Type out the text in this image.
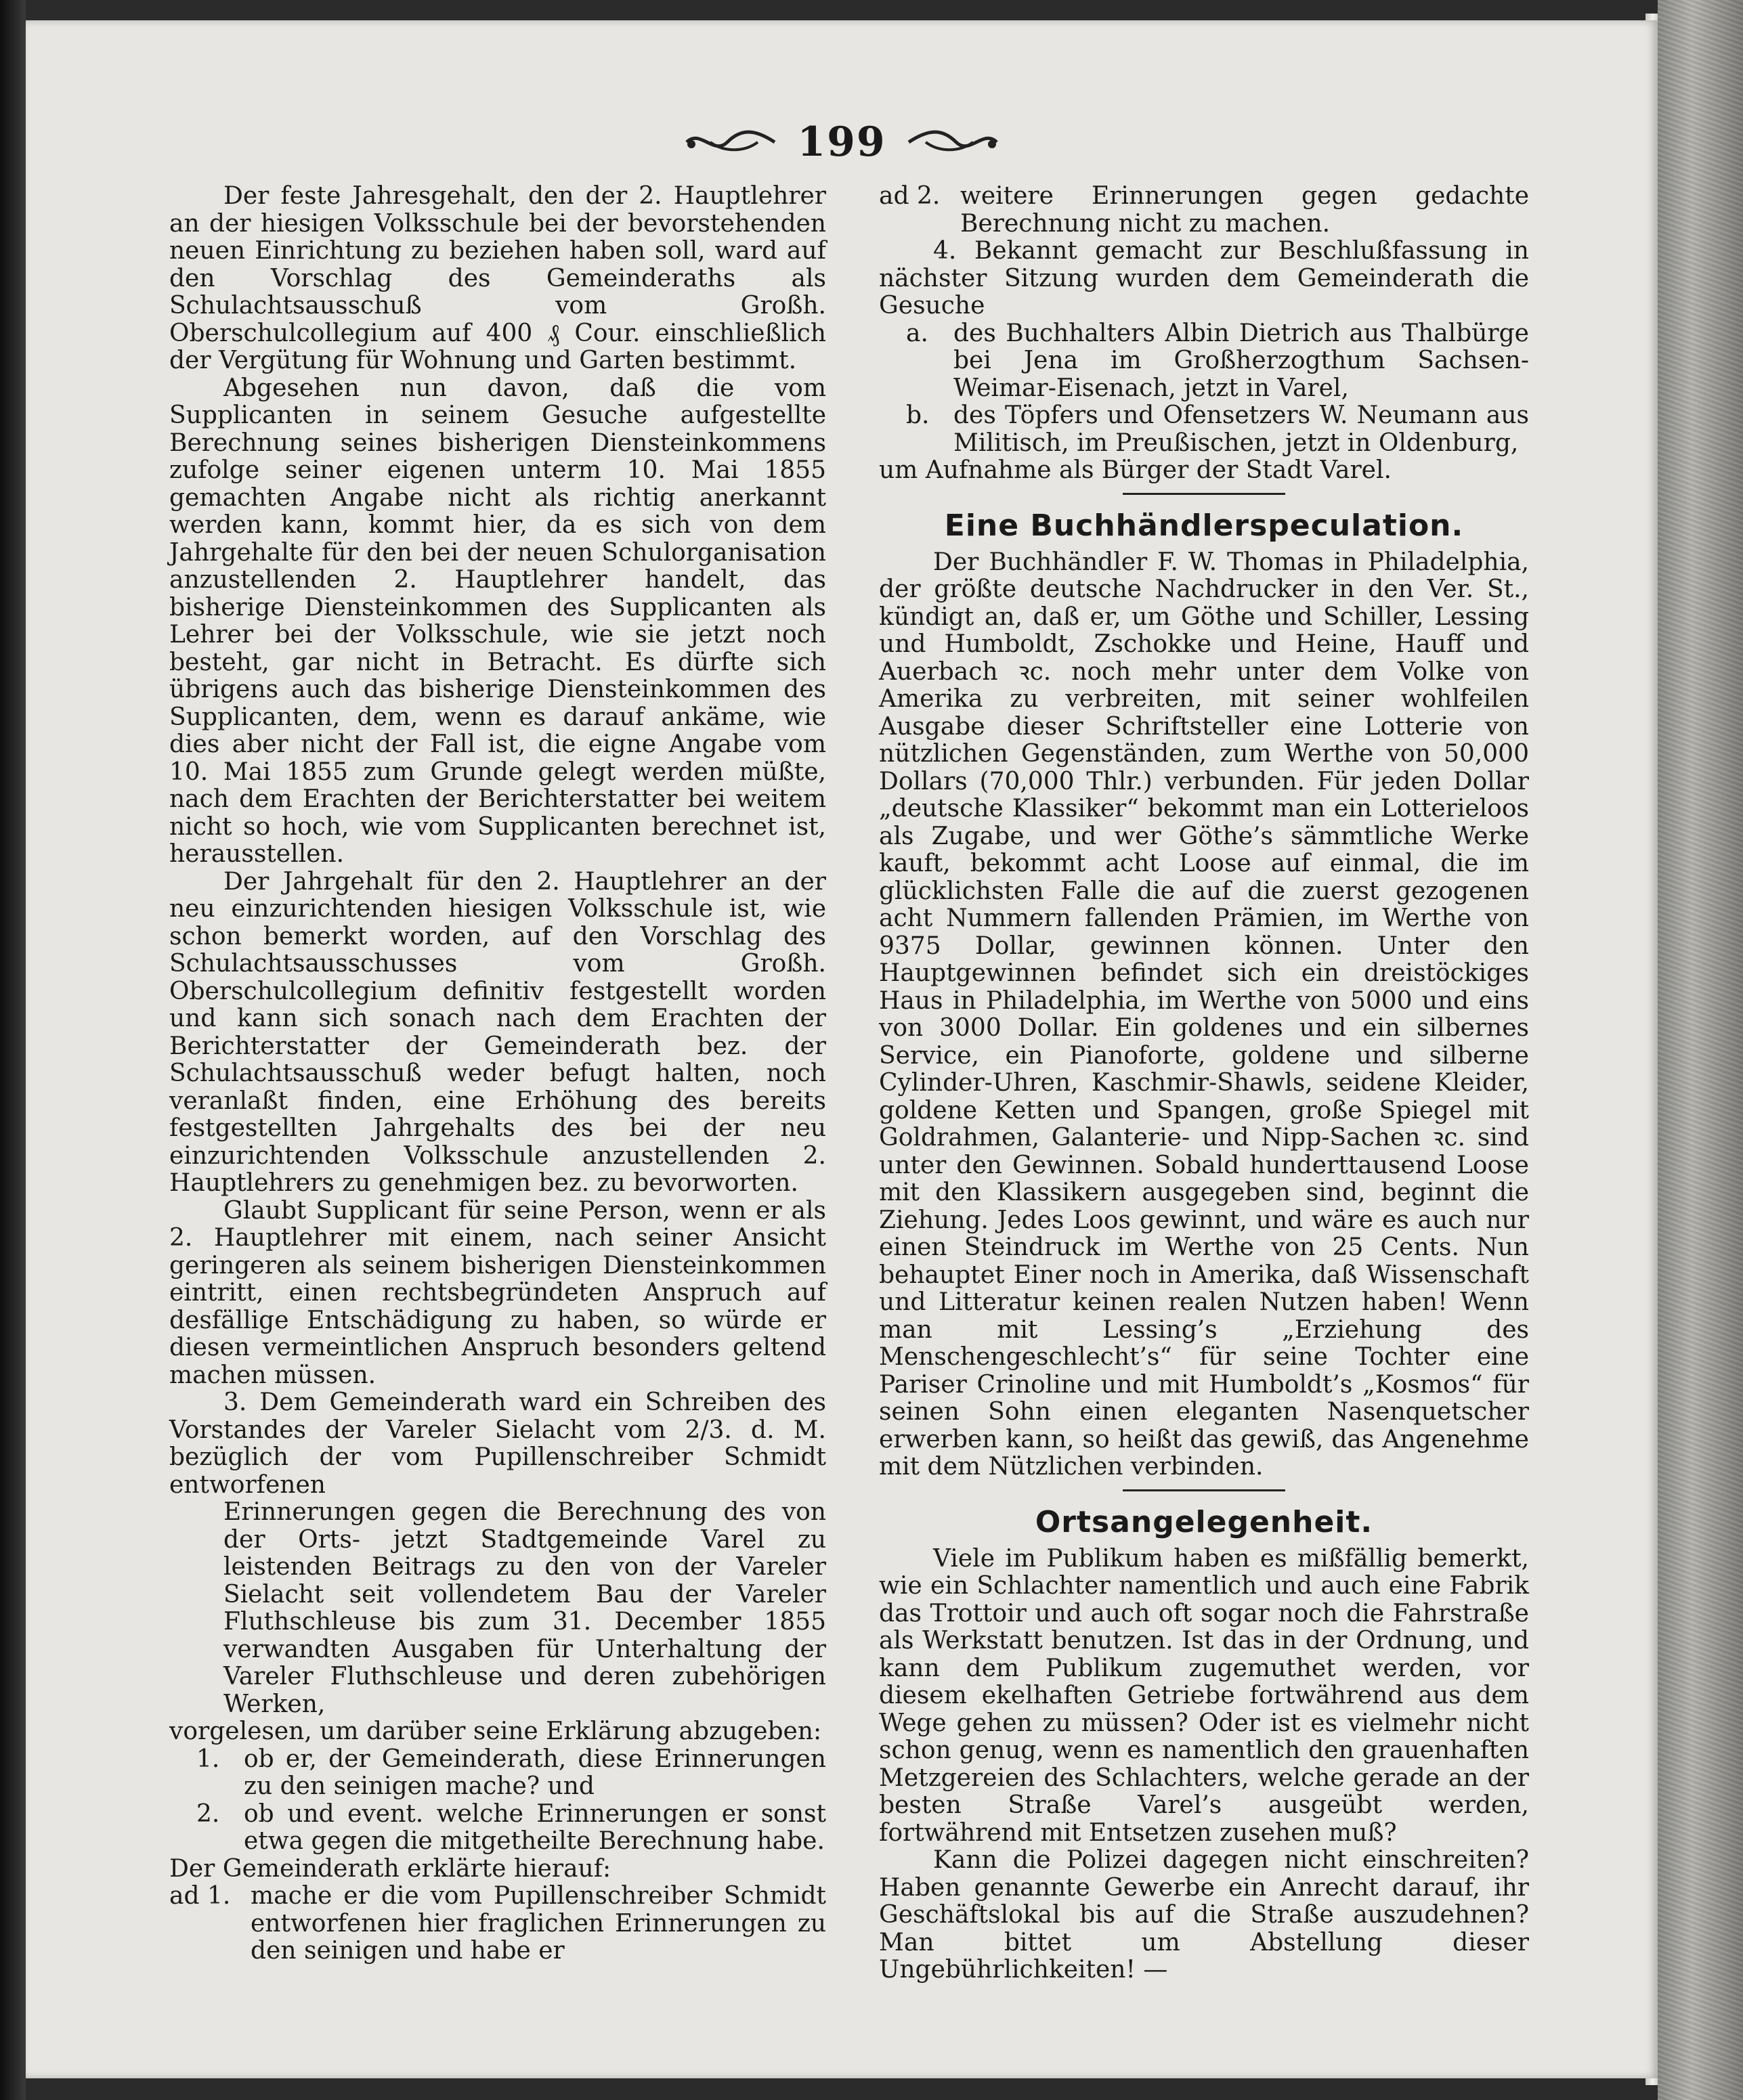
199

Der feste Jahresgehalt, den der 2. Hauptlehrer an der hiesigen Volksschule bei der bevorstehenden neuen Einrichtung zu beziehen haben soll, ward auf den Vorschlag des Gemeinderaths als Schulachtsausschuß vom Großh. Oberschulcollegium auf 400 ₰ Cour. einschließlich der Vergütung für Wohnung und Garten bestimmt.

Abgesehen nun davon, daß die vom Supplicanten in seinem Gesuche aufgestellte Berechnung seines bisherigen Diensteinkommens zufolge seiner eigenen unterm 10. Mai 1855 gemachten Angabe nicht als richtig anerkannt werden kann, kommt hier, da es sich von dem Jahrgehalte für den bei der neuen Schulorganisation anzustellenden 2. Hauptlehrer handelt, das bisherige Diensteinkommen des Supplicanten als Lehrer bei der Volksschule, wie sie jetzt noch besteht, gar nicht in Betracht. Es dürfte sich übrigens auch das bisherige Diensteinkommen des Supplicanten, dem, wenn es darauf ankäme, wie dies aber nicht der Fall ist, die eigne Angabe vom 10. Mai 1855 zum Grunde gelegt werden müßte, nach dem Erachten der Berichterstatter bei weitem nicht so hoch, wie vom Supplicanten berechnet ist, herausstellen.

Der Jahrgehalt für den 2. Hauptlehrer an der neu einzurichtenden hiesigen Volksschule ist, wie schon bemerkt worden, auf den Vorschlag des Schulachtsausschusses vom Großh. Oberschulcollegium definitiv festgestellt worden und kann sich sonach nach dem Erachten der Berichterstatter der Gemeinderath bez. der Schulachtsausschuß weder befugt halten, noch veranlaßt finden, eine Erhöhung des bereits festgestellten Jahrgehalts des bei der neu einzurichtenden Volksschule anzustellenden 2. Hauptlehrers zu genehmigen bez. zu bevorworten.

Glaubt Supplicant für seine Person, wenn er als 2. Hauptlehrer mit einem, nach seiner Ansicht geringeren als seinem bisherigen Diensteinkommen eintritt, einen rechtsbegründeten Anspruch auf desfällige Entschädigung zu haben, so würde er diesen vermeintlichen Anspruch besonders geltend machen müssen.

3. Dem Gemeinderath ward ein Schreiben des Vorstandes der Vareler Sielacht vom 2/3. d. M. bezüglich der vom Pupillenschreiber Schmidt entworfenen

Erinnerungen gegen die Berechnung des von der Orts- jetzt Stadtgemeinde Varel zu leistenden Beitrags zu den von der Vareler Sielacht seit vollendetem Bau der Vareler Fluthschleuse bis zum 31. December 1855 verwandten Ausgaben für Unterhaltung der Vareler Fluthschleuse und deren zubehörigen Werken,

vorgelesen, um darüber seine Erklärung abzugeben:

1. ob er, der Gemeinderath, diese Erinnerungen zu den seinigen mache? und
2. ob und event. welche Erinnerungen er sonst etwa gegen die mitgetheilte Berechnung habe.

Der Gemeinderath erklärte hierauf:

ad 1. mache er die vom Pupillenschreiber Schmidt entworfenen hier fraglichen Erinnerungen zu den seinigen und habe er
ad 2. weitere Erinnerungen gegen gedachte Berechnung nicht zu machen.

4. Bekannt gemacht zur Beschlußfassung in nächster Sitzung wurden dem Gemeinderath die Gesuche

a.	des Buchhalters Albin Dietrich aus Thalbürge bei Jena im Großherzogthum Sachsen-Weimar-Eisenach, jetzt in Varel,
b. des Töpfers und Ofensetzers W. Neumann aus Militisch, im Preußischen, jetzt in Oldenburg,

um Aufnahme als Bürger der Stadt Varel.

Eine Buchhändlerspeculation.

Der Buchhändler F. W. Thomas in Philadelphia, der größte deutsche Nachdrucker in den Ver. St., kündigt an, daß er, um Göthe und Schiller, Lessing und Humboldt, Zschokke und Heine, Hauff und Auerbach ꝛc. noch mehr unter dem Volke von Amerika zu verbreiten, mit seiner wohlfeilen Ausgabe dieser Schriftsteller eine Lotterie von nützlichen Gegenständen, zum Werthe von 50,000 Dollars (70,000 Thlr.) verbunden. Für jeden Dollar „deutsche Klassiker“ bekommt man ein Lotterieloos als Zugabe, und wer Göthe’s sämmtliche Werke kauft, bekommt acht Loose auf einmal, die im glücklichsten Falle die auf die zuerst gezogenen acht Nummern fallenden Prämien, im Werthe von 9375 Dollar, gewinnen können. Unter den Hauptgewinnen befindet sich ein dreistöckiges Haus in Philadelphia, im Werthe von 5000 und eins von 3000 Dollar. Ein goldenes und ein silbernes Service, ein Pianoforte, goldene und silberne Cylinder-Uhren, Kaschmir-Shawls, seidene Kleider, goldene Ketten und Spangen, große Spiegel mit Goldrahmen, Galanterie- und Nipp-Sachen ꝛc. sind unter den Gewinnen. Sobald hunderttausend Loose mit den Klassikern ausgegeben sind, beginnt die Ziehung. Jedes Loos gewinnt, und wäre es auch nur einen Steindruck im Werthe von 25 Cents. Nun behauptet Einer noch in Amerika, daß Wissenschaft und Litteratur keinen realen Nutzen haben! Wenn man mit Lessing’s „Erziehung des Menschengeschlecht’s“ für seine Tochter eine Pariser Crinoline und mit Humboldt’s „Kosmos“ für seinen Sohn einen eleganten Nasenquetscher erwerben kann, so heißt das gewiß, das Angenehme mit dem Nützlichen verbinden.

Ortsangelegenheit.

Viele im Publikum haben es mißfällig bemerkt, wie ein Schlachter namentlich und auch eine Fabrik das Trottoir und auch oft sogar noch die Fahrstraße als Werkstatt benutzen. Ist das in der Ordnung, und kann dem Publikum zugemuthet werden, vor diesem ekelhaften Getriebe fortwährend aus dem Wege gehen zu müssen? Oder ist es vielmehr nicht schon genug, wenn es namentlich den grauenhaften Metzgereien des Schlachters, welche gerade an der besten Straße Varel’s ausgeübt werden, fortwährend mit Entsetzen zusehen muß?

Kann die Polizei dagegen nicht einschreiten? Haben genannte Gewerbe ein Anrecht darauf, ihr Geschäftslokal bis auf die Straße auszudehnen? Man bittet um Abstellung dieser Ungebührlichkeiten! —
